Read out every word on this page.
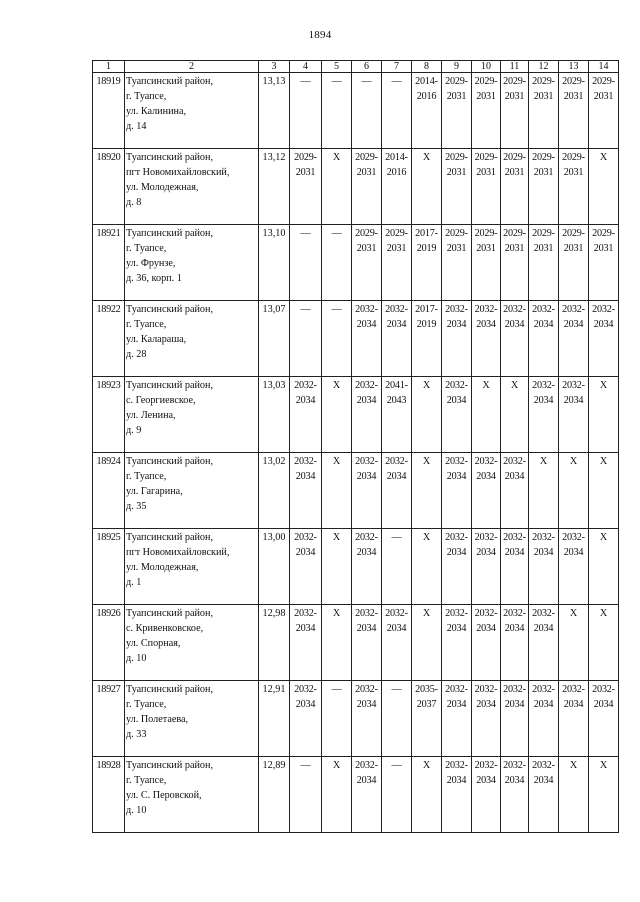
1894
1	2	3	4	5	6	7	8	9	10	11	12	13	14
18919	Туапсинский район,
г. Туапсе,
ул. Калинина,
д. 14	13,13	—	—	—	—	2014-
2016	2029-
2031	2029-
2031	2029-
2031	2029-
2031	2029-
2031	2029-
2031
18920	Туапсинский район,
пгт Новомихайловский,
ул. Молодежная,
д. 8	13,12	2029-
2031	X	2029-
2031	2014-
2016	X	2029-
2031	2029-
2031	2029-
2031	2029-
2031	2029-
2031	X
18921	Туапсинский район,
г. Туапсе,
ул. Фрунзе,
д. 36, корп. 1	13,10	—	—	2029-
2031	2029-
2031	2017-
2019	2029-
2031	2029-
2031	2029-
2031	2029-
2031	2029-
2031	2029-
2031
18922	Туапсинский район,
г. Туапсе,
ул. Калараша,
д. 28	13,07	—	—	2032-
2034	2032-
2034	2017-
2019	2032-
2034	2032-
2034	2032-
2034	2032-
2034	2032-
2034	2032-
2034
18923	Туапсинский район,
с. Георгиевское,
ул. Ленина,
д. 9	13,03	2032-
2034	X	2032-
2034	2041-
2043	X	2032-
2034	X	X	2032-
2034	2032-
2034	X
18924	Туапсинский район,
г. Туапсе,
ул. Гагарина,
д. 35	13,02	2032-
2034	X	2032-
2034	2032-
2034	X	2032-
2034	2032-
2034	2032-
2034	X	X	X
18925	Туапсинский район,
пгт Новомихайловский,
ул. Молодежная,
д. 1	13,00	2032-
2034	X	2032-
2034	—	X	2032-
2034	2032-
2034	2032-
2034	2032-
2034	2032-
2034	X
18926	Туапсинский район,
с. Кривенковское,
ул. Спорная,
д. 10	12,98	2032-
2034	X	2032-
2034	2032-
2034	X	2032-
2034	2032-
2034	2032-
2034	2032-
2034	X	X
18927	Туапсинский район,
г. Туапсе,
ул. Полетаева,
д. 33	12,91	2032-
2034	—	2032-
2034	—	2035-
2037	2032-
2034	2032-
2034	2032-
2034	2032-
2034	2032-
2034	2032-
2034
18928	Туапсинский район,
г. Туапсе,
ул. С. Перовской,
д. 10	12,89	—	X	2032-
2034	—	X	2032-
2034	2032-
2034	2032-
2034	2032-
2034	X	X
